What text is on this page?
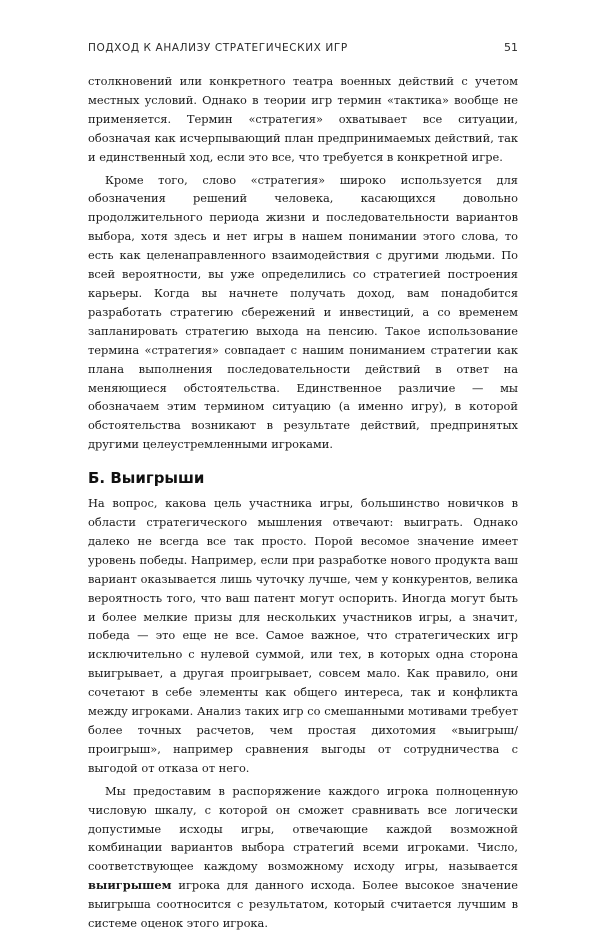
ПОДХОД К АНАЛИЗУ СТРАТЕГИЧЕСКИХ ИГР	51

столкновений или конкретного театра военных действий с учетом местных условий. Однако в теории игр термин «тактика» вообще не применяется. Термин «стратегия» охватывает все ситуации, обозначая как исчерпывающий план предпринимаемых действий, так и единственный ход, если это все, что требуется в конкретной игре.

Кроме того, слово «стратегия» широко используется для обозначения решений человека, касающихся довольно продолжительного периода жизни и последовательности вариантов выбора, хотя здесь и нет игры в нашем понимании этого слова, то есть как целенаправленного взаимодействия с другими людьми. По всей вероятности, вы уже определились со стратегией построения карьеры. Когда вы начнете получать доход, вам понадобится разработать стратегию сбережений и инвестиций, а со временем запланировать стратегию выхода на пенсию. Такое использование термина «стратегия» совпадает с нашим пониманием стратегии как плана выполнения последовательности действий в ответ на меняющиеся обстоятельства. Единственное различие — мы обозначаем этим термином ситуацию (а именно игру), в которой обстоятельства возникают в результате действий, предпринятых другими целеустремленными игроками.

Б. Выигрыши

На вопрос, какова цель участника игры, большинство новичков в области стратегического мышления отвечают: выиграть. Однако далеко не всегда все так просто. Порой весомое значение имеет уровень победы. Например, если при разработке нового продукта ваш вариант оказывается лишь чуточку лучше, чем у конкурентов, велика вероятность того, что ваш патент могут оспорить. Иногда могут быть и более мелкие призы для нескольких участников игры, а значит, победа — это еще не все. Самое важное, что стратегических игр исключительно с нулевой суммой, или тех, в которых одна сторона выигрывает, а другая проигрывает, совсем мало. Как правило, они сочетают в себе элементы как общего интереса, так и конфликта между игроками. Анализ таких игр со смешанными мотивами требует более точных расчетов, чем простая дихотомия «выигрыш/проигрыш», например сравнения выгоды от сотрудничества с выгодой от отказа от него.

Мы предоставим в распоряжение каждого игрока полноценную числовую шкалу, с которой он сможет сравнивать все логически допустимые исходы игры, отвечающие каждой возможной комбинации вариантов выбора стратегий всеми игроками. Число, соответствующее каждому возможному исходу игры, называется выигрышем игрока для данного исхода. Более высокое значение выигрыша соотносится с результатом, который считается лучшим в системе оценок этого игрока.
